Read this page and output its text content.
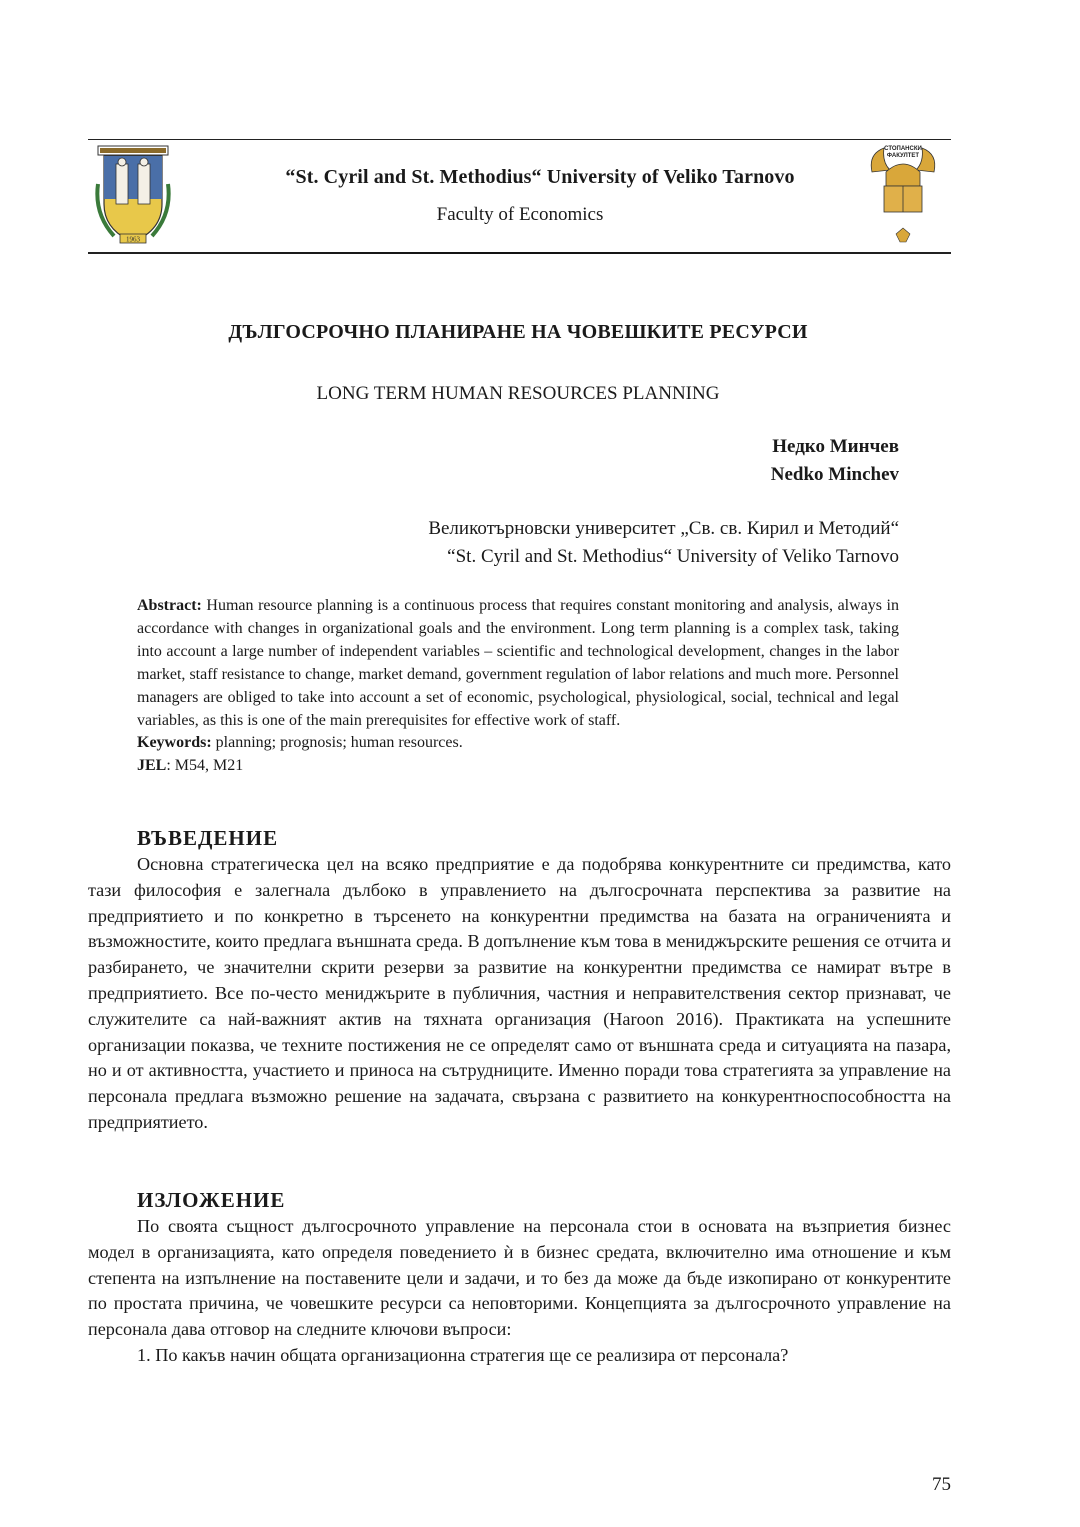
1963
“St. Cyril and St. Methodius“ University of Veliko Tarnovo
Faculty of Economics
СТОПАНСКИ
ФАКУЛТЕТ
ДЪЛГОСРОЧНО ПЛАНИРАНЕ НА ЧОВЕШКИТЕ РЕСУРСИ
LONG TERM HUMAN RESOURCES PLANNING
Недко Минчев
Nedko Minchev
Великотърновски университет „Св. св. Кирил и Методий“
“St. Cyril and St. Methodius“ University of Veliko Tarnovo

Abstract: Human resource planning is a continuous process that requires constant monitoring and analysis, always in accordance with changes in organizational goals and the environment. Long term planning is a complex task, taking into account a large number of independent variables – scientific and technological development, changes in the labor market, staff resistance to change, market demand, government regulation of labor relations and much more. Personnel managers are obliged to take into account a set of economic, psychological, physiological, social, technical and legal variables, as this is one of the main prerequisites for effective work of staff.

Keywords: planning; prognosis; human resources.

JEL: M54, M21

ВЪВЕДЕНИЕ

Основна стратегическа цел на всяко предприятие е да подобрява конкурентните си предимства, като тази философия е залегнала дълбоко в управлението на дългосрочната перспектива за развитие на предприятието и по конкретно в търсенето на конкурентни предимства на базата на ограниченията и възможностите, които предлага външната среда. В допълнение към това в мениджърските решения се отчита и разбирането, че значителни скрити резерви за развитие на конкурентни предимства се намират вътре в предприятието. Все по-често мениджърите в публичния, частния и неправителствения сектор признават, че служителите са най-важният актив на тяхната организация (Haroon 2016). Практиката на успешните организации показва, че техните постижения не се определят само от външната среда и ситуацията на пазара, но и от активността, участието и приноса на сътрудниците. Именно поради това стратегията за управление на персонала предлага възможно решение на задачата, свързана с развитието на конкурентноспособността на предприятието.

ИЗЛОЖЕНИЕ

По своята същност дългосрочното управление на персонала стои в основата на възприетия бизнес модел в организацията, като определя поведението ѝ в бизнес средата, включително има отношение и към степента на изпълнение на поставените цели и задачи, и то без да може да бъде изкопирано от конкурентите по простата причина, че човешките ресурси са неповторими. Концепцията за дългосрочното управление на персонала дава отговор на следните ключови въпроси:

1. По какъв начин общата организационна стратегия ще се реализира от персонала?

75
